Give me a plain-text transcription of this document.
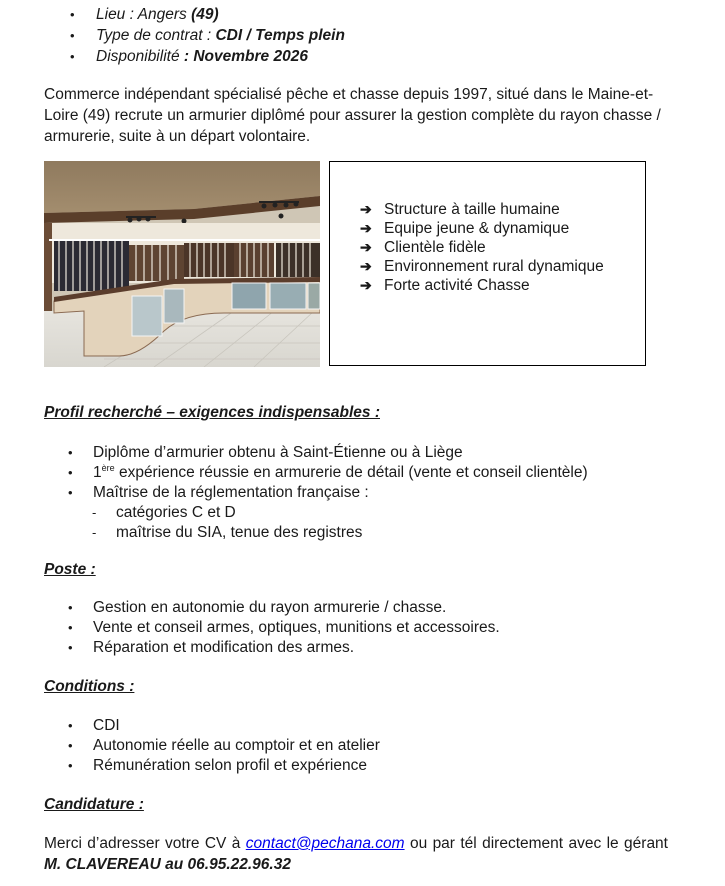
• Lieu : Angers (49)
• Type de contrat : CDI / Temps plein
• Disponibilité : Novembre 2026
Commerce indépendant spécialisé pêche et chasse depuis 1997, situé dans le Maine-et-Loire (49) recrute un armurier diplômé pour assurer la gestion complète du rayon chasse / armurerie, suite à un départ volontaire.
➔ Structure à taille humaine
➔ Equipe jeune & dynamique
➔ Clientèle fidèle
➔ Environnement rural dynamique
➔ Forte activité Chasse
Profil recherché – exigences indispensables :
• Diplôme d’armurier obtenu à Saint-Étienne ou à Liège
• 1ère expérience réussie en armurerie de détail (vente et conseil clientèle)
• Maîtrise de la réglementation française :
- catégories C et D
- maîtrise du SIA, tenue des registres
Poste :
• Gestion en autonomie du rayon armurerie / chasse.
• Vente et conseil armes, optiques, munitions et accessoires.
• Réparation et modification des armes.
Conditions :
• CDI
• Autonomie réelle au comptoir et en atelier
• Rémunération selon profil et expérience
Candidature :
Merci d’adresser votre CV à contact@pechana.com ou par tél directement avec le gérant M. CLAVEREAU au 06.95.22.96.32
